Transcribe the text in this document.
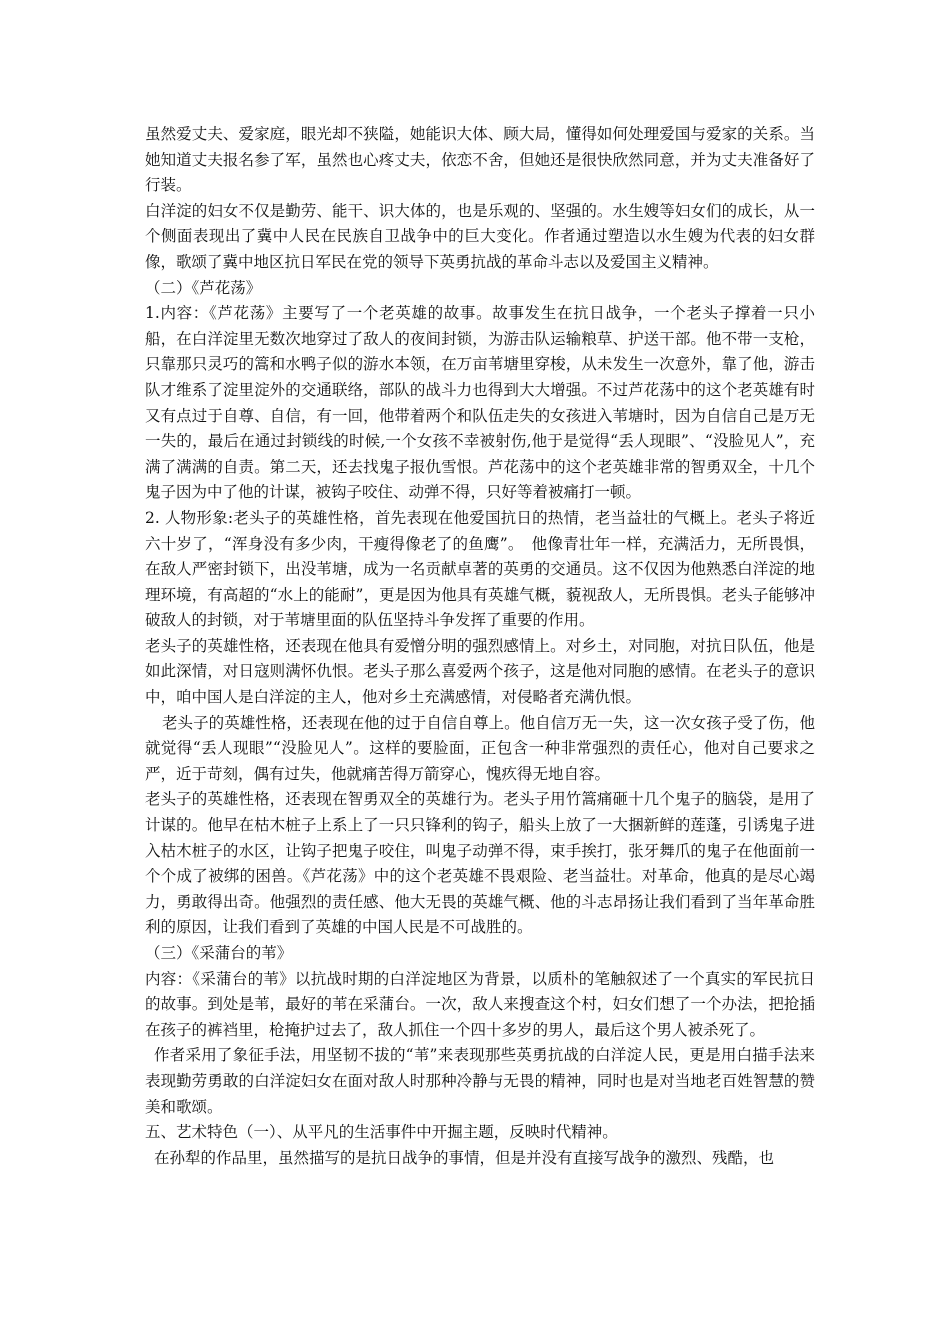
虽然爱丈夫、爱家庭，眼光却不狭隘，她能识大体、顾大局，懂得如何处理爱国与爱家的关系。当她知道丈夫报名参了军，虽然也心疼丈夫，依恋不舍，但她还是很快欣然同意，并为丈夫准备好了行装。

白洋淀的妇女不仅是勤劳、能干、识大体的，也是乐观的、坚强的。水生嫂等妇女们的成长，从一个侧面表现出了冀中人民在民族自卫战争中的巨大变化。作者通过塑造以水生嫂为代表的妇女群像，歌颂了冀中地区抗日军民在党的领导下英勇抗战的革命斗志以及爱国主义精神。

（二）《芦花荡》

1.内容：《芦花荡》主要写了一个老英雄的故事。故事发生在抗日战争，一个老头子撑着一只小船，在白洋淀里无数次地穿过了敌人的夜间封锁，为游击队运输粮草、护送干部。他不带一支枪，只靠那只灵巧的篙和水鸭子似的游水本领，在万亩苇塘里穿梭，从未发生一次意外，靠了他，游击队才维系了淀里淀外的交通联络，部队的战斗力也得到大大增强。不过芦花荡中的这个老英雄有时又有点过于自尊、自信，有一回，他带着两个和队伍走失的女孩进入苇塘时，因为自信自己是万无一失的，最后在通过封锁线的时候,一个女孩不幸被射伤,他于是觉得“丢人现眼”、“没脸见人”，充满了满满的自责。第二天，还去找鬼子报仇雪恨。芦花荡中的这个老英雄非常的智勇双全，十几个鬼子因为中了他的计谋，被钩子咬住、动弹不得，只好等着被痛打一顿。

2. 人物形象:老头子的英雄性格，首先表现在他爱国抗日的热情，老当益壮的气概上。老头子将近六十岁了，“浑身没有多少肉，干瘦得像老了的鱼鹰”。　他像青壮年一样，充满活力，无所畏惧，在敌人严密封锁下，出没苇塘，成为一名贡献卓著的英勇的交通员。这不仅因为他熟悉白洋淀的地理环境，有高超的“水上的能耐”，更是因为他具有英雄气概，藐视敌人，无所畏惧。老头子能够冲破敌人的封锁，对于苇塘里面的队伍坚持斗争发挥了重要的作用。

老头子的英雄性格，还表现在他具有爱憎分明的强烈感情上。对乡土，对同胞，对抗日队伍，他是如此深情，对日寇则满怀仇恨。老头子那么喜爱两个孩子，这是他对同胞的感情。在老头子的意识中，咱中国人是白洋淀的主人，他对乡土充满感情，对侵略者充满仇恨。

老头子的英雄性格，还表现在他的过于自信自尊上。他自信万无一失，这一次女孩子受了伤，他就觉得“丢人现眼”“没脸见人”。这样的要脸面，正包含一种非常强烈的责任心，他对自己要求之严，近于苛刻，偶有过失，他就痛苦得万箭穿心，愧疚得无地自容。

老头子的英雄性格，还表现在智勇双全的英雄行为。老头子用竹篙痛砸十几个鬼子的脑袋，是用了计谋的。他早在枯木桩子上系上了一只只锋利的钩子，船头上放了一大捆新鲜的莲蓬，引诱鬼子进入枯木桩子的水区，让钩子把鬼子咬住，叫鬼子动弹不得，束手挨打，张牙舞爪的鬼子在他面前一个个成了被绑的困兽。《芦花荡》中的这个老英雄不畏艰险、老当益壮。对革命，他真的是尽心竭力，勇敢得出奇。他强烈的责任感、他大无畏的英雄气概、他的斗志昂扬让我们看到了当年革命胜利的原因，让我们看到了英雄的中国人民是不可战胜的。

（三）《采蒲台的苇》

内容：《采蒲台的苇》以抗战时期的白洋淀地区为背景，以质朴的笔触叙述了一个真实的军民抗日的故事。到处是苇，最好的苇在采蒲台。一次，敌人来搜查这个村，妇女们想了一个办法，把抢插在孩子的裤裆里，枪掩护过去了，敌人抓住一个四十多岁的男人，最后这个男人被杀死了。

作者采用了象征手法，用坚韧不拔的“苇”来表现那些英勇抗战的白洋淀人民，更是用白描手法来表现勤劳勇敢的白洋淀妇女在面对敌人时那种冷静与无畏的精神，同时也是对当地老百姓智慧的赞美和歌颂。

五、艺术特色（一）、从平凡的生活事件中开掘主题，反映时代精神。

在孙犁的作品里，虽然描写的是抗日战争的事情，但是并没有直接写战争的激烈、残酷，也
